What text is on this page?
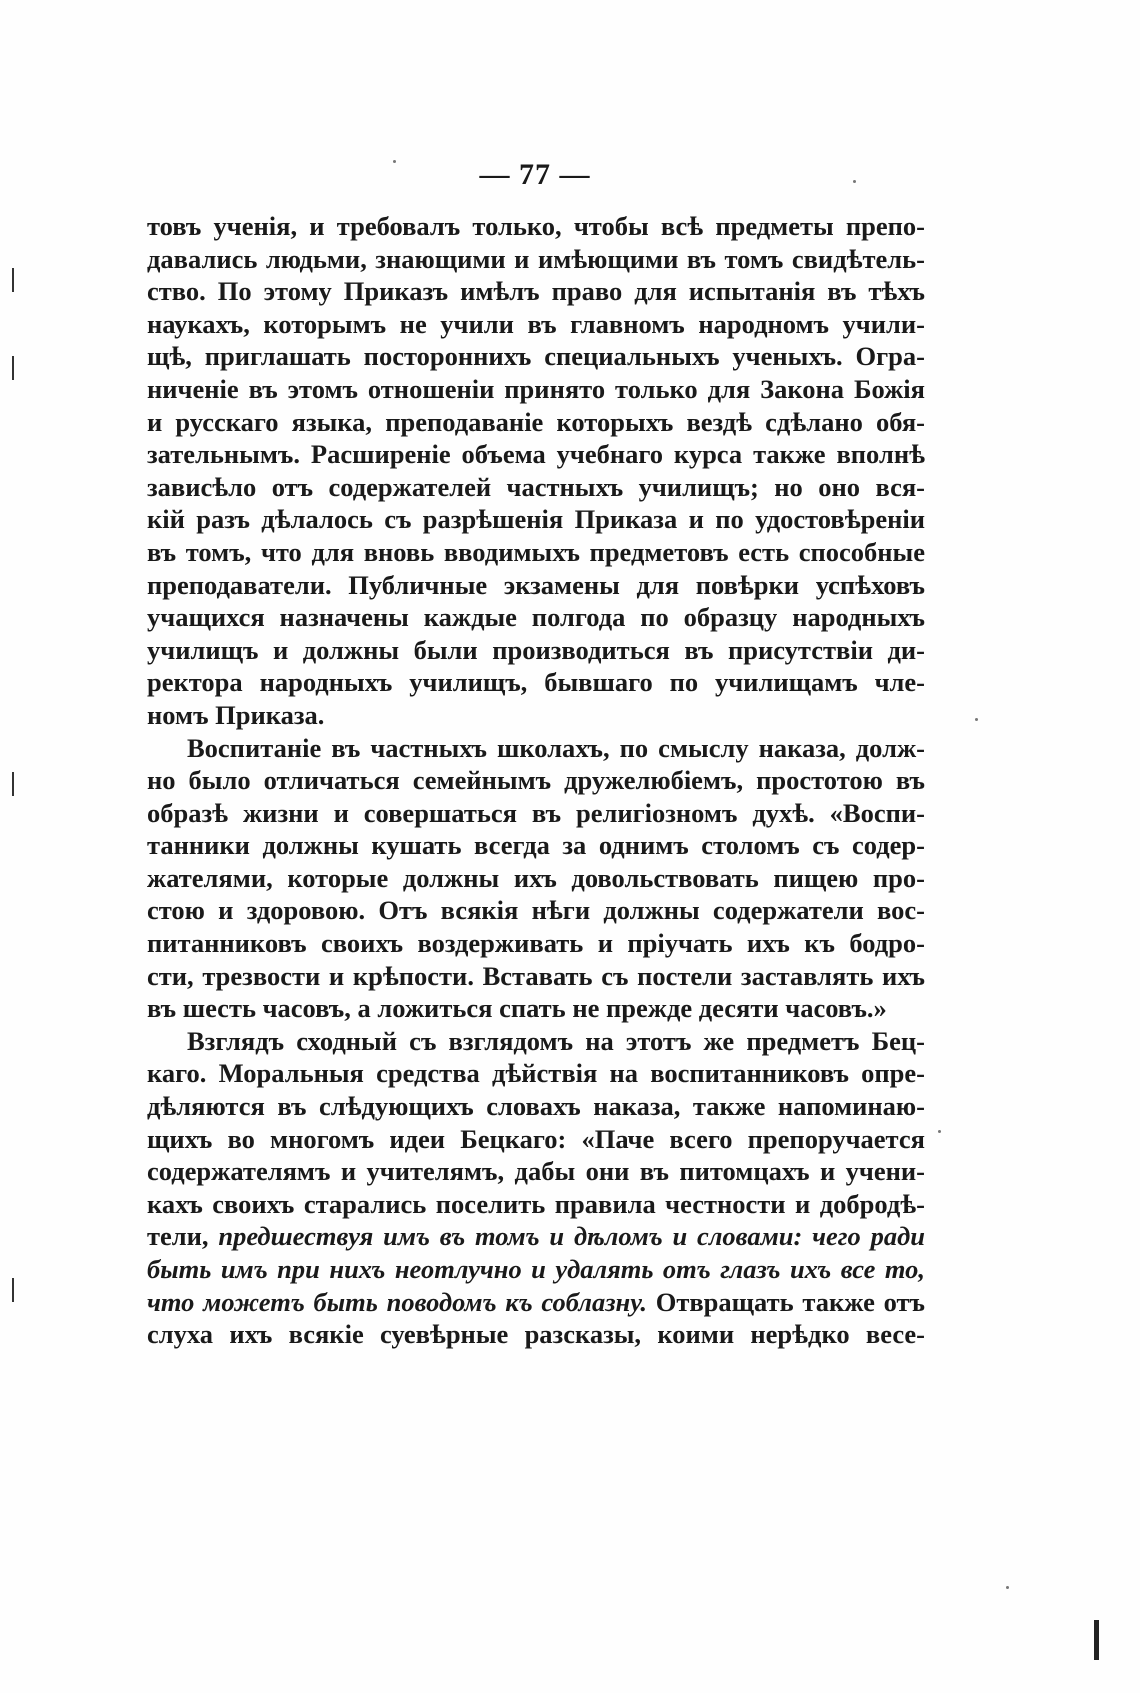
— 77 —
товъ ученія, и требовалъ только, чтобы всѣ предметы препо-
давались людьми, знающими и имѣющими въ томъ свидѣтель-
ство. По этому Приказъ имѣлъ право для испытанія въ тѣхъ
наукахъ, которымъ не учили въ главномъ народномъ учили-
щѣ, приглашать постороннихъ специальныхъ ученыхъ. Огра-
ниченіе въ этомъ отношеніи принято только для Закона Божія
и русскаго языка, преподаваніе которыхъ вездѣ сдѣлано обя-
зательнымъ. Расширеніе объема учебнаго курса также вполнѣ
зависѣло отъ содержателей частныхъ училищъ; но оно вся-
кій разъ дѣлалось съ разрѣшенія Приказа и по удостовѣреніи
въ томъ, что для вновь вводимыхъ предметовъ есть способные
преподаватели. Публичные экзамены для повѣрки успѣховъ
учащихся назначены каждые полгода по образцу народныхъ
училищъ и должны были производиться въ присутствіи ди-
ректора народныхъ училищъ, бывшаго по училищамъ чле-
номъ Приказа.
Воспитаніе въ частныхъ школахъ, по смыслу наказа, долж-
но было отличаться семейнымъ дружелюбіемъ, простотою въ
образѣ жизни и совершаться въ религіозномъ духѣ. «Воспи-
танники должны кушать всегда за однимъ столомъ съ содер-
жателями, которые должны ихъ довольствовать пищею про-
стою и здоровою. Отъ всякія нѣги должны содержатели вос-
питанниковъ своихъ воздерживать и пріучать ихъ къ бодро-
сти, трезвости и крѣпости. Вставать съ постели заставлять ихъ
въ шесть часовъ, а ложиться спать не прежде десяти часовъ.»
Взглядъ сходный съ взглядомъ на этотъ же предметъ Бец-
каго. Моральныя средства дѣйствія на воспитанниковъ опре-
дѣляются въ слѣдующихъ словахъ наказа, также напоминаю-
щихъ во многомъ идеи Бецкаго: «Паче всего препоручается
содержателямъ и учителямъ, дабы они въ питомцахъ и учени-
кахъ своихъ старались поселить правила честности и добродѣ-
тели, предшествуя имъ въ томъ и дѣломъ и словами: чего ради
быть имъ при нихъ неотлучно и удалять отъ глазъ ихъ все то,
что можетъ быть поводомъ къ соблазну. Отвращать также отъ
слуха ихъ всякіе суевѣрные разсказы, коими нерѣдко весе-
